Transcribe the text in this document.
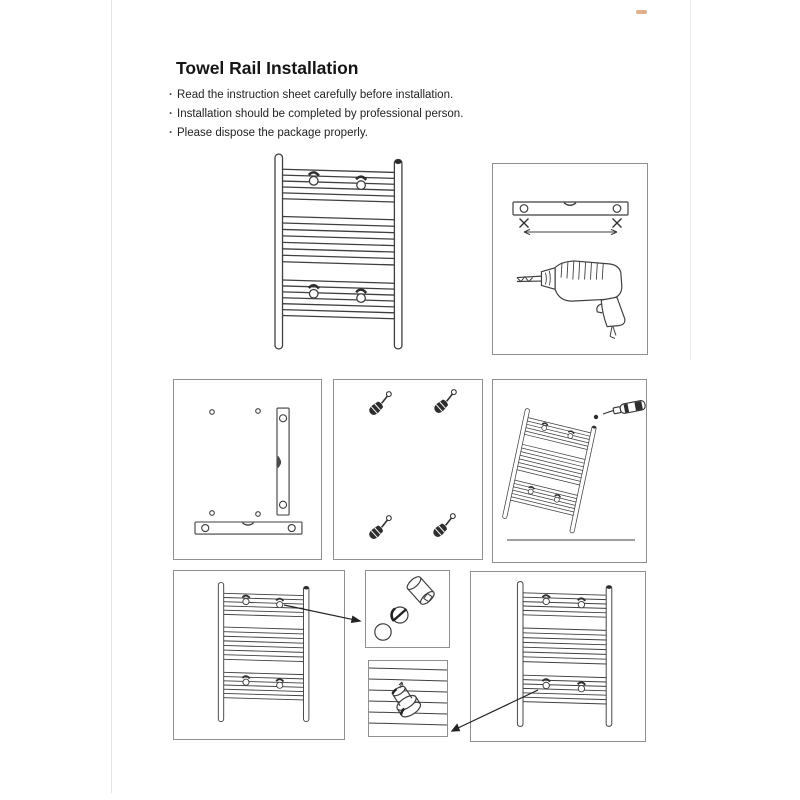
Towel Rail Installation
· Read the instruction sheet carefully before installation.
· Installation should be completed by professional person.
· Please dispose the package properly.
